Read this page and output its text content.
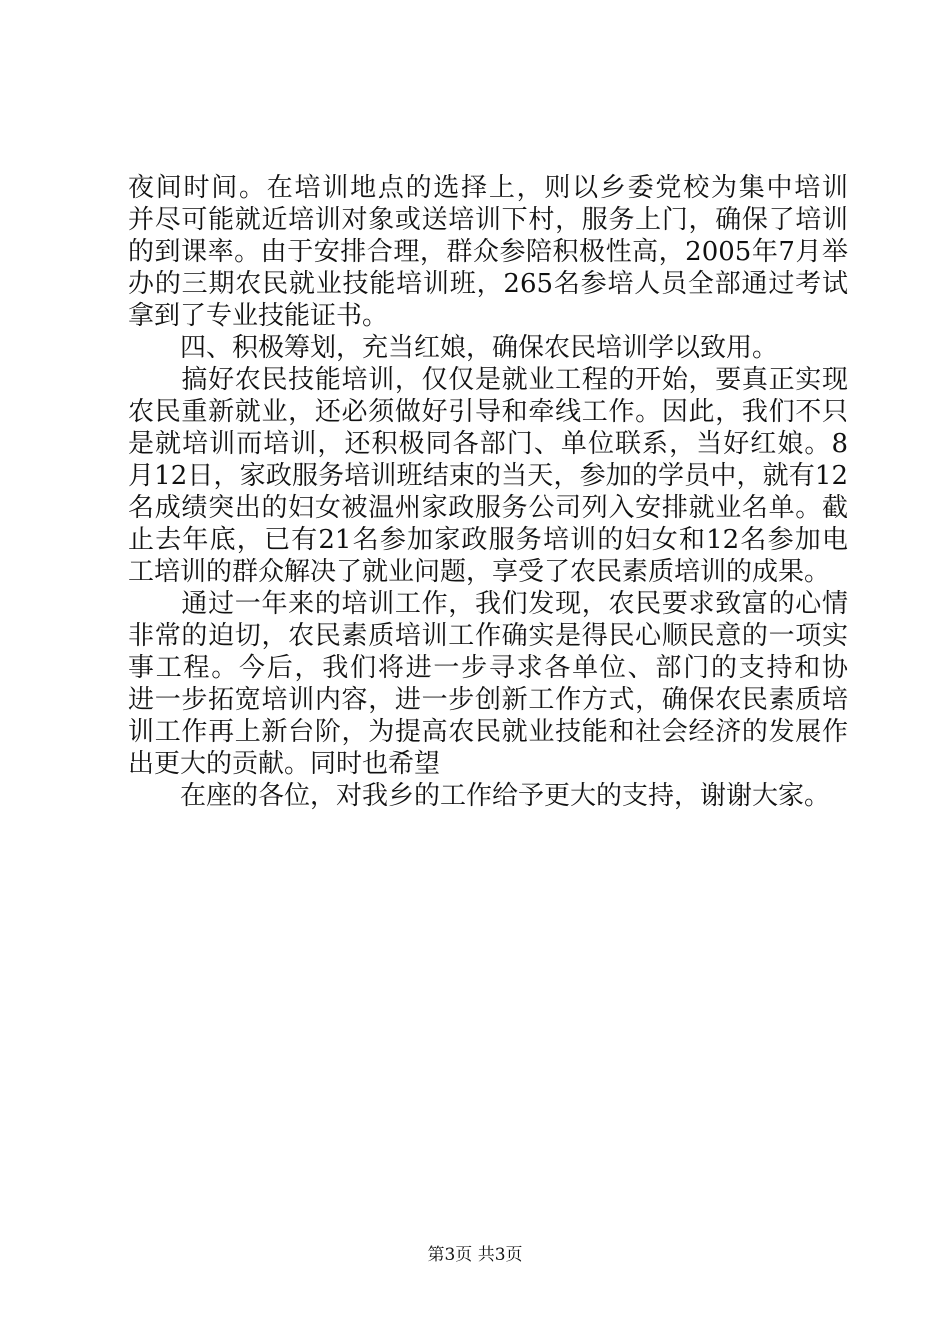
夜间时间。在培训地点的选择上，则以乡委党校为集中培训
并尽可能就近培训对象或送培训下村，服务上门，确保了培训
的到课率。由于安排合理，群众参陪积极性高，2005年7月举
办的三期农民就业技能培训班，265名参培人员全部通过考试
拿到了专业技能证书。
　　四、积极筹划，充当红娘，确保农民培训学以致用。
　　搞好农民技能培训，仅仅是就业工程的开始，要真正实现
农民重新就业，还必须做好引导和牵线工作。因此，我们不只
是就培训而培训，还积极同各部门、单位联系，当好红娘。8
月12日，家政服务培训班结束的当天，参加的学员中，就有12
名成绩突出的妇女被温州家政服务公司列入安排就业名单。截
止去年底，已有21名参加家政服务培训的妇女和12名参加电
工培训的群众解决了就业问题，享受了农民素质培训的成果。
　　通过一年来的培训工作，我们发现，农民要求致富的心情
非常的迫切，农民素质培训工作确实是得民心顺民意的一项实
事工程。今后，我们将进一步寻求各单位、部门的支持和协
进一步拓宽培训内容，进一步创新工作方式，确保农民素质培
训工作再上新台阶，为提高农民就业技能和社会经济的发展作
出更大的贡献。同时也希望
　　在座的各位，对我乡的工作给予更大的支持，谢谢大家。
第3页 共3页
